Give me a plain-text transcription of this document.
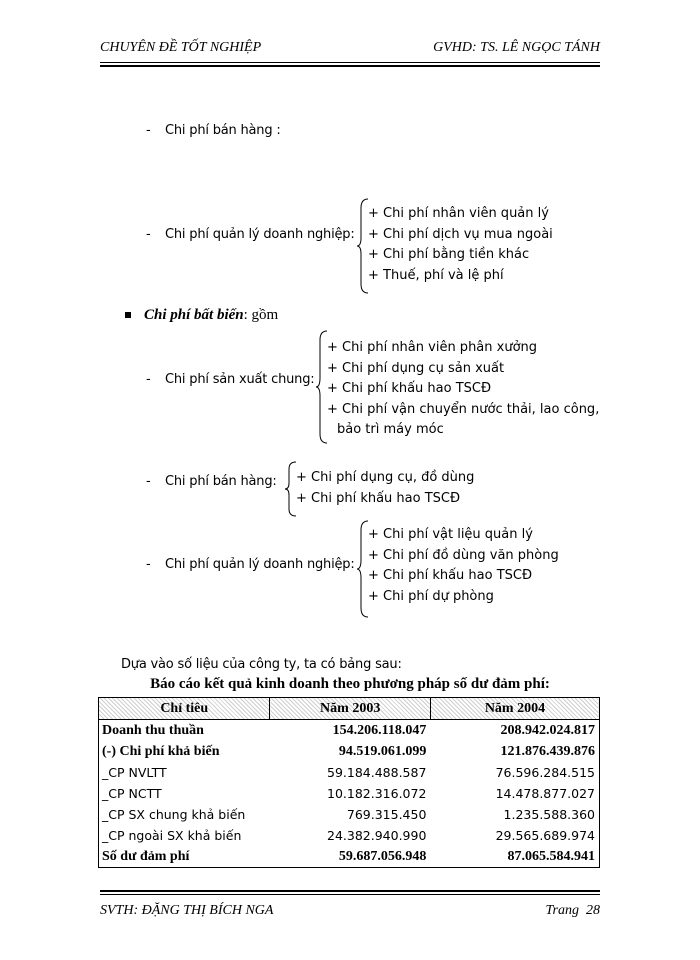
CHUYÊN ĐỀ TỐT NGHIỆP	GVHD: TS. LÊ NGỌC TÁNH
- Chi phí bán hàng :
- Chi phí quản lý doanh nghiệp:
+ Chi phí nhân viên quản lý
+ Chi phí dịch vụ mua ngoài
+ Chi phí bằng tiền khác
+ Thuế, phí và lệ phí
Chi phí bất biến: gồm
- Chi phí sản xuất chung:
+ Chi phí nhân viên phân xưởng
+ Chi phí dụng cụ sản xuất
+ Chi phí khấu hao TSCĐ
+ Chi phí vận chuyển nước thải, lao công,
bảo trì máy móc
- Chi phí bán hàng: + Chi phí dụng cụ, đồ dùng
+ Chi phí khấu hao TSCĐ
- Chi phí quản lý doanh nghiệp:
+ Chi phí vật liệu quản lý
+ Chi phí đồ dùng văn phòng
+ Chi phí khấu hao TSCĐ
+ Chi phí dự phòng
Dựa vào số liệu của công ty, ta có bảng sau:
Báo cáo kết quả kinh doanh theo phương pháp số dư đảm phí:
Chỉ tiêu	Năm 2003	Năm 2004
Doanh thu thuần	154.206.118.047	208.942.024.817
(-) Chi phí khả biến	94.519.061.099	121.876.439.876
_CP NVLTT	59.184.488.587	76.596.284.515
_CP NCTT	10.182.316.072	14.478.877.027
_CP SX chung khả biến	769.315.450	1.235.588.360
_CP ngoài SX khả biến	24.382.940.990	29.565.689.974
Số dư đảm phí	59.687.056.948	87.065.584.941
SVTH: ĐẶNG THỊ BÍCH NGA	Trang 28
